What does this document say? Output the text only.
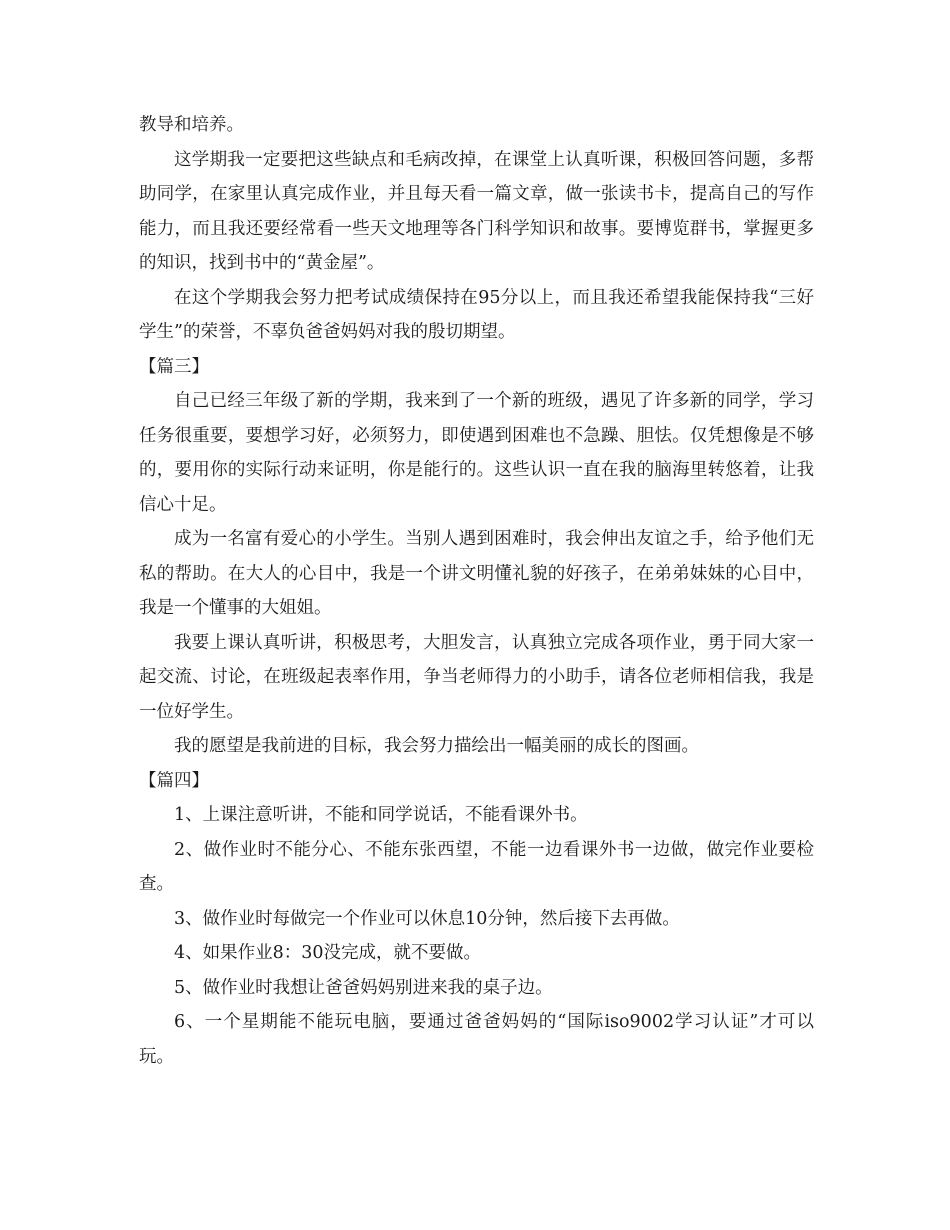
教导和培养。

这学期我一定要把这些缺点和毛病改掉，在课堂上认真听课，积极回答问题，多帮助同学，在家里认真完成作业，并且每天看一篇文章，做一张读书卡，提高自己的写作能力，而且我还要经常看一些天文地理等各门科学知识和故事。要博览群书，掌握更多的知识，找到书中的“黄金屋”。

在这个学期我会努力把考试成绩保持在95分以上，而且我还希望我能保持我“三好学生”的荣誉，不辜负爸爸妈妈对我的殷切期望。

【篇三】

自己已经三年级了新的学期，我来到了一个新的班级，遇见了许多新的同学，学习任务很重要，要想学习好，必须努力，即使遇到困难也不急躁、胆怯。仅凭想像是不够的，要用你的实际行动来证明，你是能行的。这些认识一直在我的脑海里转悠着，让我信心十足。

成为一名富有爱心的小学生。当别人遇到困难时，我会伸出友谊之手，给予他们无私的帮助。在大人的心目中，我是一个讲文明懂礼貌的好孩子，在弟弟妹妹的心目中，我是一个懂事的大姐姐。

我要上课认真听讲，积极思考，大胆发言，认真独立完成各项作业，勇于同大家一起交流、讨论，在班级起表率作用，争当老师得力的小助手，请各位老师相信我，我是一位好学生。

我的愿望是我前进的目标，我会努力描绘出一幅美丽的成长的图画。

【篇四】

1、上课注意听讲，不能和同学说话，不能看课外书。

2、做作业时不能分心、不能东张西望，不能一边看课外书一边做，做完作业要检查。

3、做作业时每做完一个作业可以休息10分钟，然后接下去再做。

4、如果作业8：30没完成，就不要做。

5、做作业时我想让爸爸妈妈别进来我的桌子边。

6、一个星期能不能玩电脑，要通过爸爸妈妈的“国际iso9002学习认证”才可以玩。
